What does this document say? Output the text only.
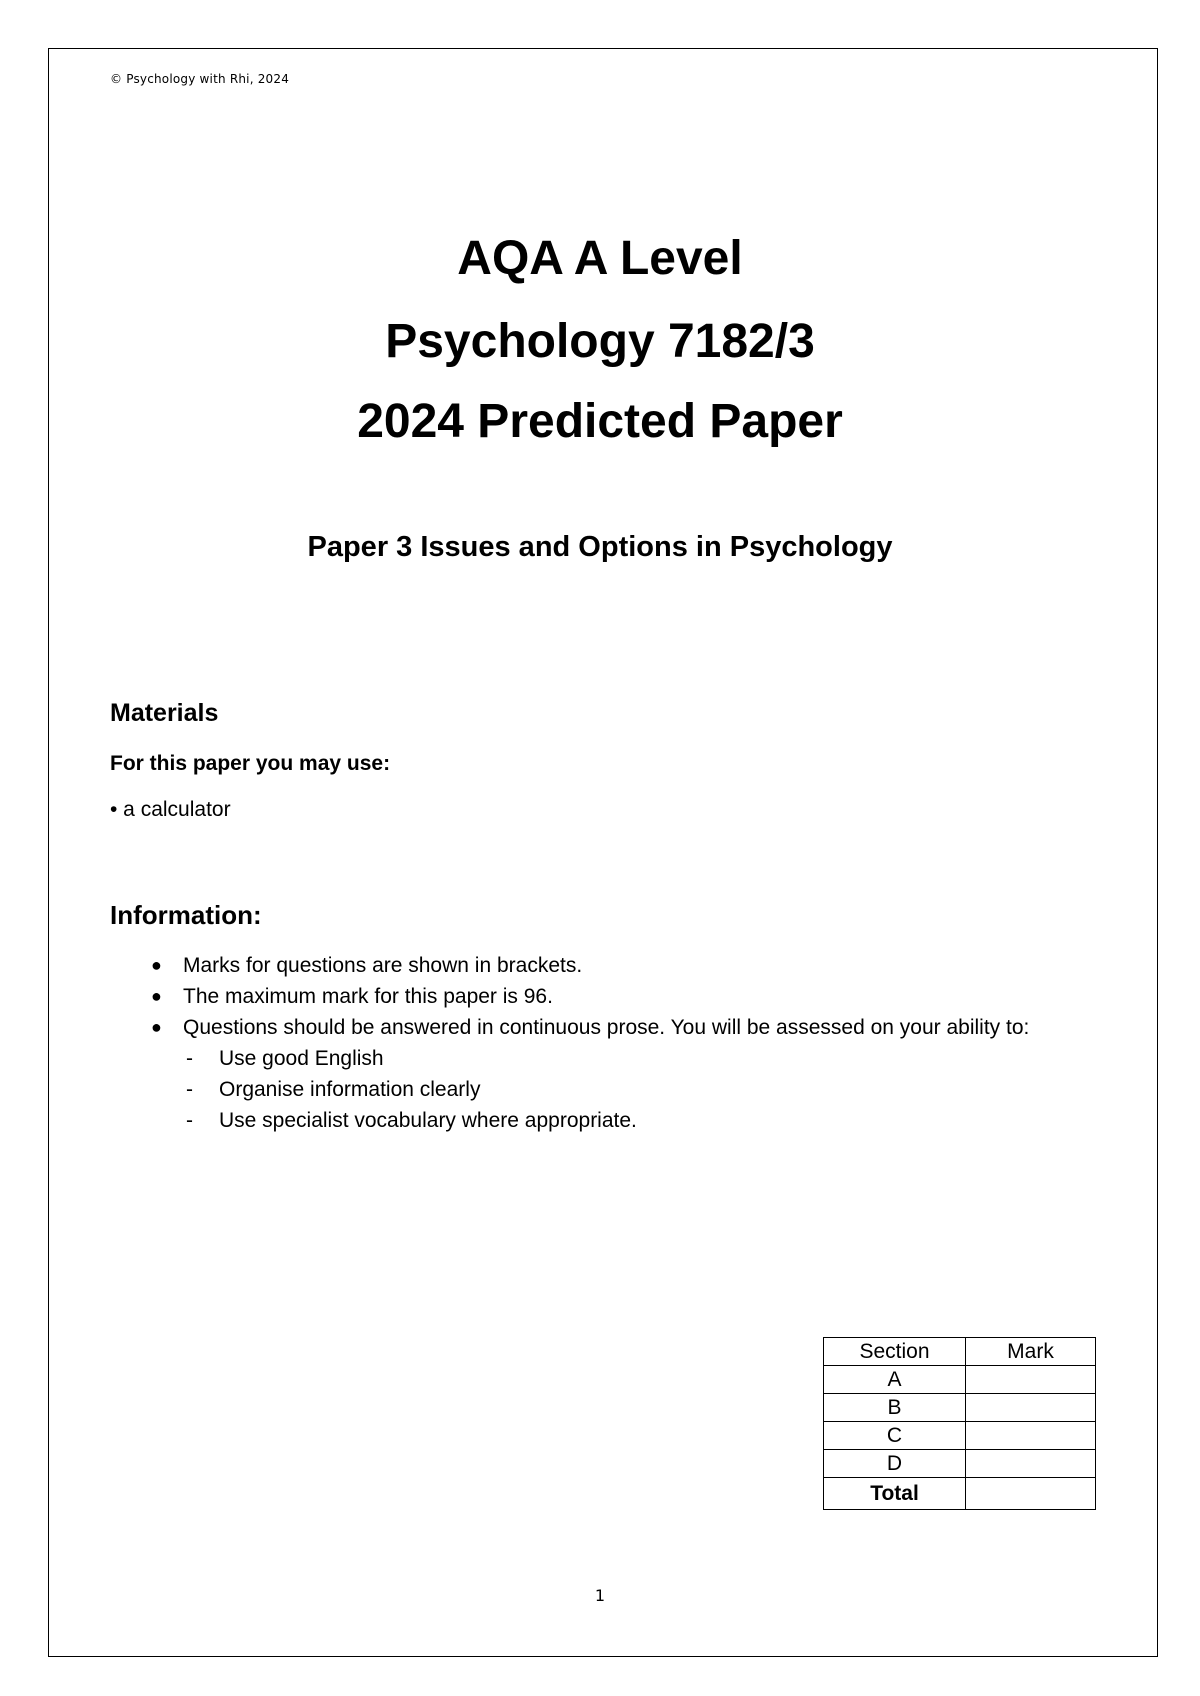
© Psychology with Rhi, 2024
AQA A Level
Psychology 7182/3
2024 Predicted Paper
Paper 3 Issues and Options in Psychology
Materials
For this paper you may use:
• a calculator
Information:
● Marks for questions are shown in brackets.
● The maximum mark for this paper is 96.
● Questions should be answered in continuous prose. You will be assessed on your ability to:
- Use good English
- Organise information clearly
- Use specialist vocabulary where appropriate.
Section	Mark
A	
B	
C	
D	
Total	
1
